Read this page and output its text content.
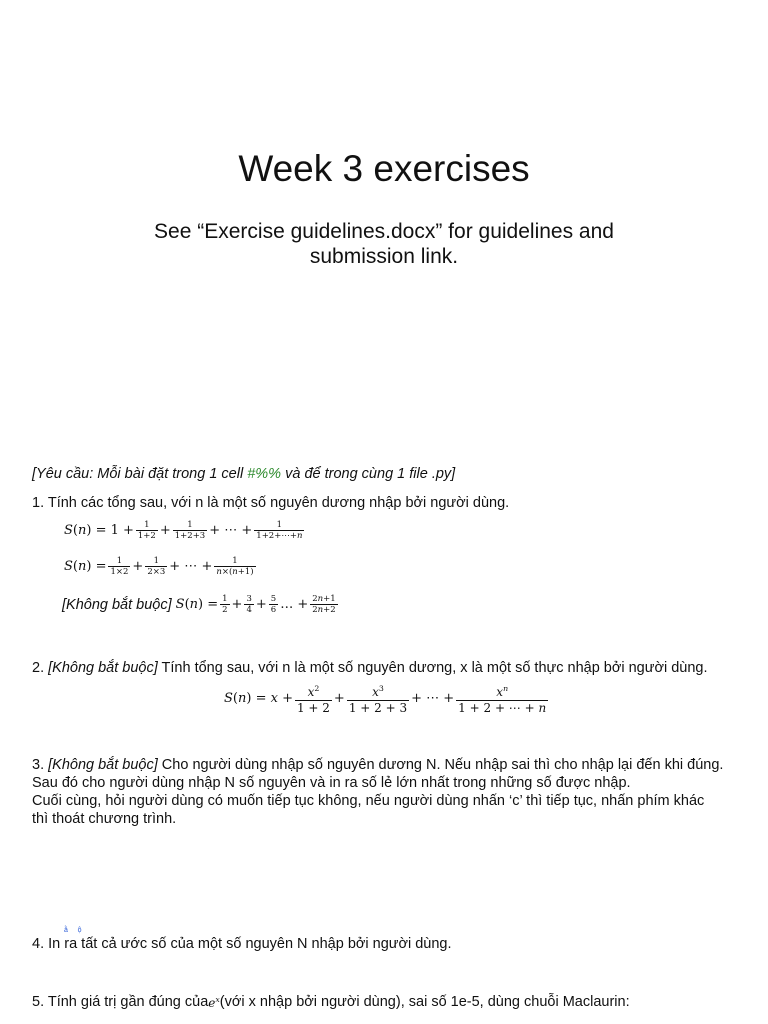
Week 3 exercises
See “Exercise guidelines.docx” for guidelines and
submission link.
[Yêu cầu: Mỗi bài đặt trong 1 cell #%% và để trong cùng 1 file .py]
1. Tính các tổng sau, với n là một số nguyên dương nhập bởi người dùng.
S ( n ) = $1 + \frac{1}{1+2} + \frac{1}{1+2+3}$ + ⋯ + $\frac{1}{1+2+\cdots+n}$
S ( n ) = $\frac{1}{1\times 2} + \frac{1}{2\times 3}$ + ⋯ + $\frac{1}{n\times(n+1)}$
[Không bắt buộc] S ( n ) = $\frac{1}{2} + \frac{3}{4} + \frac{5}{6}$ … + $\frac{2n+1}{2n+2}$
2. [Không bắt buộc] Tính tổng sau, với n là một số nguyên dương, x là một số thực nhập bởi người dùng.
S ( n ) = $x + \frac{x^2}{1 + 2} + \frac{x^3}{1 + 2 + 3}$ + ⋯ + $\frac{x^n}{1 + 2 + \cdots + n}$
3. [Không bắt buộc] Cho người dùng nhập số nguyên dương N. Nếu nhập sai thì cho nhập lại đến khi đúng.
Sau đó cho người dùng nhập N số nguyên và in ra số lẻ lớn nhất trong những số được nhập.
Cuối cùng, hỏi người dùng có muốn tiếp tục không, nếu người dùng nhấn ‘c’ thì tiếp tục, nhấn phím khác
thì thoát chương trình.
ằ     ộ
4. In ra tất cả ước số của một số nguyên N nhập bởi người dùng.
5. Tính giá trị gần đúng của $e^x$ (với x nhập bởi người dùng), sai số 1e-5, dùng chuỗi Maclaurin:
